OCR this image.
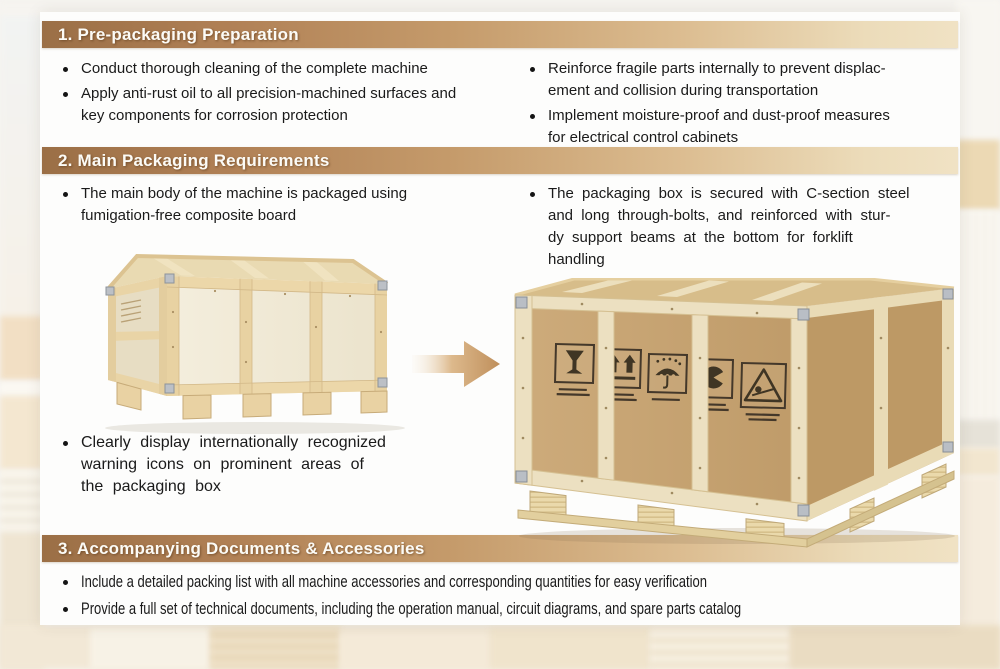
1. Pre-packaging Preparation
2. Main Packaging Requirements
3. Accompanying Documents & Accessories
Conduct thorough cleaning of the complete machine
Apply anti-rust oil to all precision-machined surfaces and
key components for corrosion protection
Reinforce fragile parts internally to prevent displac-
ement and collision during transportation
Implement moisture-proof and dust-proof measures
for electrical control cabinets
The main body of the machine is packaged using
fumigation-free composite board
The packaging box is secured with C-section steel
and long through-bolts, and reinforced with stur-
dy support beams at the bottom for forklift
handling
Clearly display internationally recognized
warning icons on prominent areas of
the packaging box
Include a detailed packing list with all machine accessories and corresponding quantities for easy verification
Provide a full set of technical documents, including the operation manual, circuit diagrams, and spare parts catalog
